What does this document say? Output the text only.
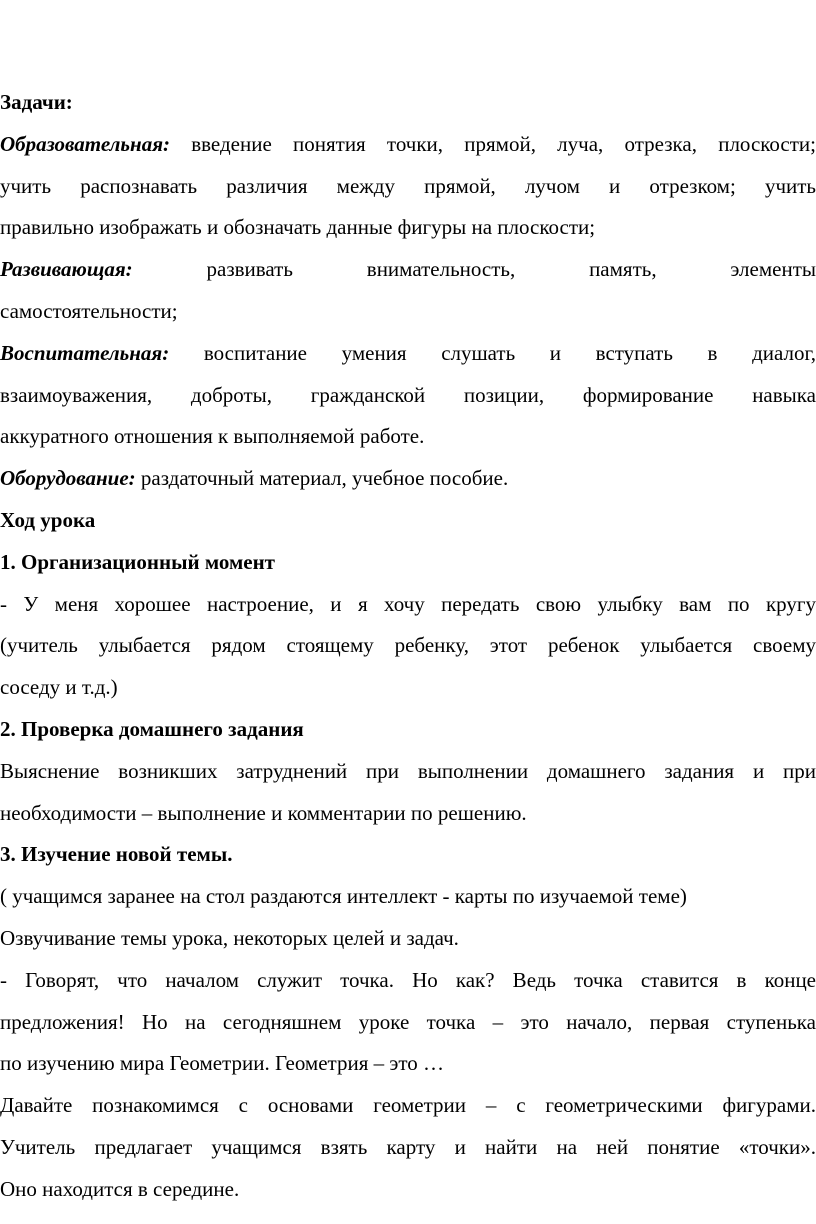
Задачи:
Образовательная: введение понятия точки, прямой, луча, отрезка, плоскости;
учить распознавать различия между прямой, лучом и отрезком; учить
правильно изображать и обозначать данные фигуры на плоскости;
Развивающая: развивать внимательность, память, элементы
самостоятельности;
Воспитательная: воспитание умения слушать и вступать в диалог,
взаимоуважения, доброты, гражданской позиции, формирование навыка
аккуратного отношения к выполняемой работе.
Оборудование: раздаточный материал, учебное пособие.
Ход урока
1. Организационный момент
- У меня хорошее настроение, и я хочу передать свою улыбку вам по кругу
(учитель улыбается рядом стоящему ребенку, этот ребенок улыбается своему
соседу и т.д.)
2. Проверка домашнего задания
Выяснение возникших затруднений при выполнении домашнего задания и при
необходимости – выполнение и комментарии по решению.
3. Изучение новой темы.
( учащимся заранее на стол раздаются интеллект - карты по изучаемой теме)
Озвучивание темы урока, некоторых целей и задач.
- Говорят, что началом служит точка. Но как? Ведь точка ставится в конце
предложения! Но на сегодняшнем уроке точка – это начало, первая ступенька
по изучению мира Геометрии. Геометрия – это …
Давайте познакомимся с основами геометрии – с геометрическими фигурами.
Учитель предлагает учащимся взять карту и найти на ней понятие «точки».
Оно находится в середине.
